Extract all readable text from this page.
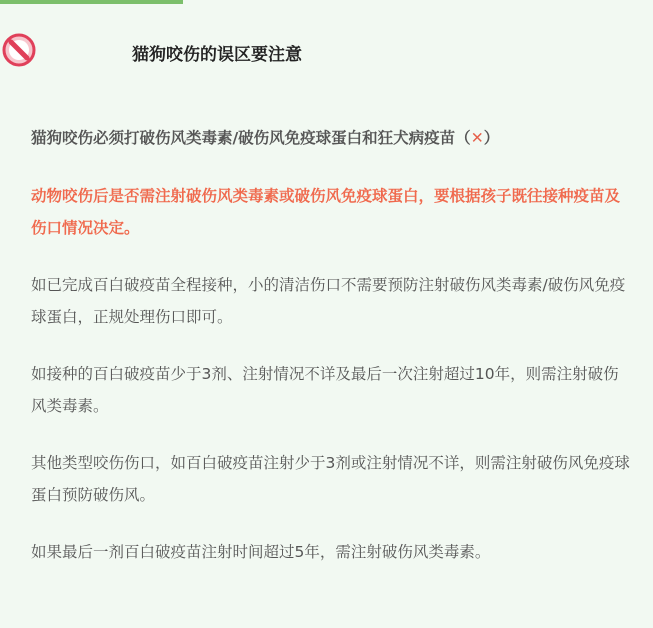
猫狗咬伤的误区要注意
猫狗咬伤必须打破伤风类毒素/破伤风免疫球蛋白和狂犬病疫苗（✕）
动物咬伤后是否需注射破伤风类毒素或破伤风免疫球蛋白，要根据孩子既往接种疫苗及伤口情况决定。
如已完成百白破疫苗全程接种，小的清洁伤口不需要预防注射破伤风类毒素/破伤风免疫球蛋白，正规处理伤口即可。
如接种的百白破疫苗少于3剂、注射情况不详及最后一次注射超过10年，则需注射破伤风类毒素。
其他类型咬伤伤口，如百白破疫苗注射少于3剂或注射情况不详，则需注射破伤风免疫球蛋白预防破伤风。
如果最后一剂百白破疫苗注射时间超过5年，需注射破伤风类毒素。
